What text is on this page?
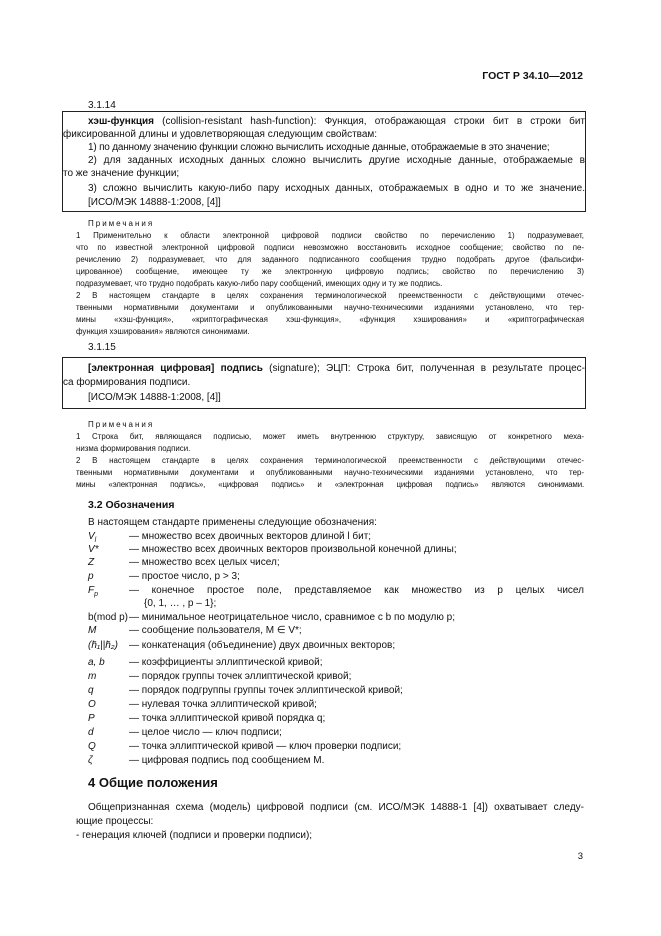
ГОСТ Р 34.10—2012
3.1.14
хэш-функция (collision-resistant hash-function): Функция, отображающая строки бит в строки бит
фиксированной длины и удовлетворяющая следующим свойствам:
1) по данному значению функции сложно вычислить исходные данные, отображаемые в это значение;
2) для заданных исходных данных сложно вычислить другие исходные данные, отображаемые в
то же значение функции;
3) сложно вычислить какую-либо пару исходных данных, отображаемых в одно и то же значение.
[ИСО/МЭК 14888-1:2008, [4]]
Примечания
1 Применительно к области электронной цифровой подписи свойство по перечислению 1) подразумевает,
что по известной электронной цифровой подписи невозможно восстановить исходное сообщение; свойство по пе-
речислению 2) подразумевает, что для заданного подписанного сообщения трудно подобрать другое (фальсифи-
цированное) сообщение, имеющее ту же электронную цифровую подпись; свойство по перечислению 3)
подразумевает, что трудно подобрать какую-либо пару сообщений, имеющих одну и ту же подпись.
2 В настоящем стандарте в целях сохранения терминологической преемственности с действующими отечес-
твенными нормативными документами и опубликованными научно-техническими изданиями установлено, что тер-
мины «хэш-функция», «криптографическая хэш-функция», «функция хэширования» и «криптографическая
функция хэширования» являются синонимами.
3.1.15
[электронная цифровая] подпись (signature); ЭЦП: Строка бит, полученная в результате процес-
са формирования подписи.
[ИСО/МЭК 14888-1:2008, [4]]
Примечания
1 Строка бит, являющаяся подписью, может иметь внутреннюю структуру, зависящую от конкретного меха-
низма формирования подписи.
2 В настоящем стандарте в целях сохранения терминологической преемственности с действующими отечес-
твенными нормативными документами и опубликованными научно-техническими изданиями установлено, что тер-
мины «электронная подпись», «цифровая подпись» и «электронная цифровая подпись» являются синонимами.
3.2 Обозначения
В настоящем стандарте применены следующие обозначения:
$V_l$	— множество всех двоичных векторов длиной l бит;
V*	— множество всех двоичных векторов произвольной конечной длины;
Z	— множество всех целых чисел;
p	— простое число, p > 3;
$F_p$	— конечное простое поле, представляемое как множество из p целых чисел
{0, 1, … , p – 1};
b(mod p) — минимальное неотрицательное число, сравнимое с b по модулю p;
M	— сообщение пользователя, M ∈ V*;
(h̄₁||h̄₂) — конкатенация (объединение) двух двоичных векторов;
a, b — коэффициенты эллиптической кривой;
m	— порядок группы точек эллиптической кривой;
q	— порядок подгруппы группы точек эллиптической кривой;
O	— нулевая точка эллиптической кривой;
P	— точка эллиптической кривой порядка q;
d	— целое число — ключ подписи;
Q	— точка эллиптической кривой — ключ проверки подписи;
ζ	— цифровая подпись под сообщением M.
4 Общие положения
Общепризнанная схема (модель) цифровой подписи (см. ИСО/МЭК 14888-1 [4]) охватывает следу-
ющие процессы:
- генерация ключей (подписи и проверки подписи);
3
